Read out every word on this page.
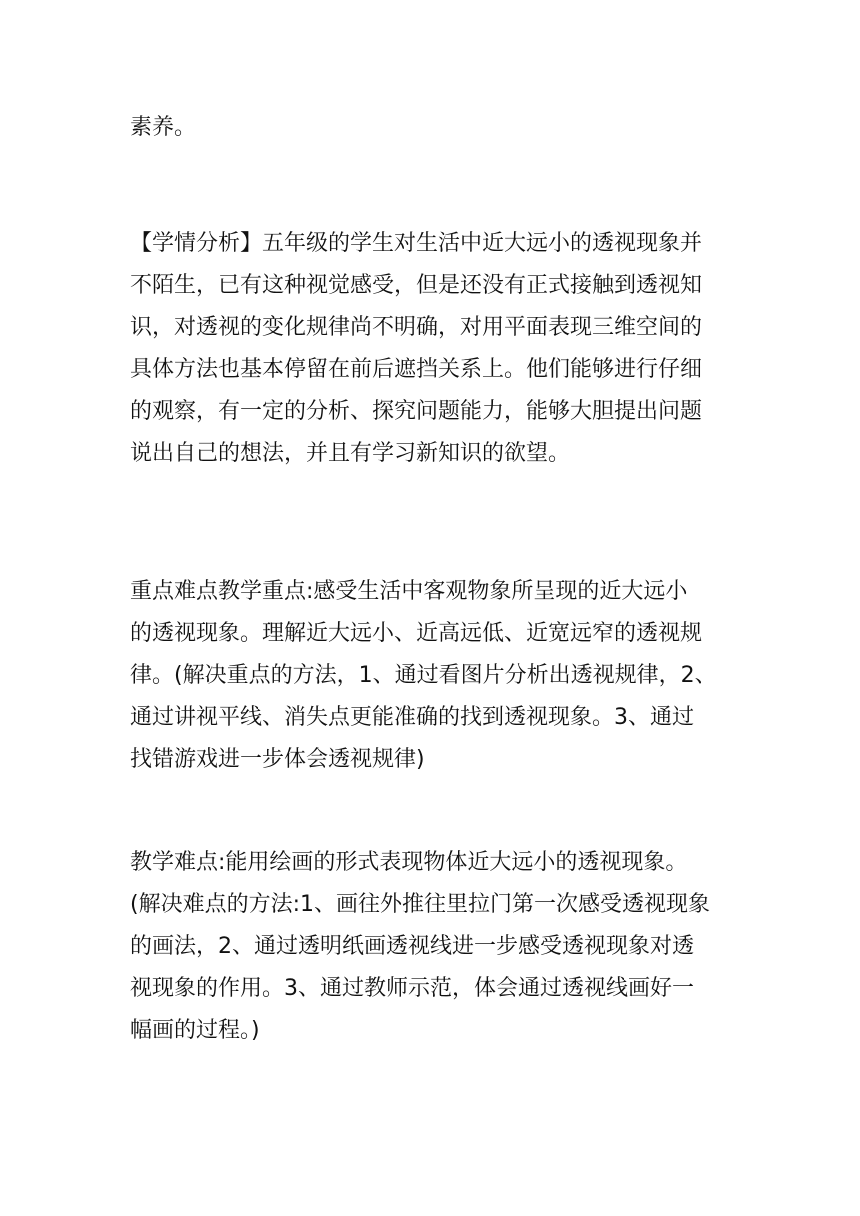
素养。
【学情分析】五年级的学生对生活中近大远小的透视现象并
不陌生，已有这种视觉感受，但是还没有正式接触到透视知
识，对透视的变化规律尚不明确，对用平面表现三维空间的
具体方法也基本停留在前后遮挡关系上。他们能够进行仔细
的观察，有一定的分析、探究问题能力，能够大胆提出问题
说出自己的想法，并且有学习新知识的欲望。
重点难点教学重点:感受生活中客观物象所呈现的近大远小
的透视现象。理解近大远小、近高远低、近宽远窄的透视规
律。(解决重点的方法，1、通过看图片分析出透视规律，2、
通过讲视平线、消失点更能准确的找到透视现象。3、通过
找错游戏进一步体会透视规律)
教学难点:能用绘画的形式表现物体近大远小的透视现象。
(解决难点的方法:1、画往外推往里拉门第一次感受透视现象
的画法，2、通过透明纸画透视线进一步感受透视现象对透
视现象的作用。3、通过教师示范，体会通过透视线画好一
幅画的过程。)
